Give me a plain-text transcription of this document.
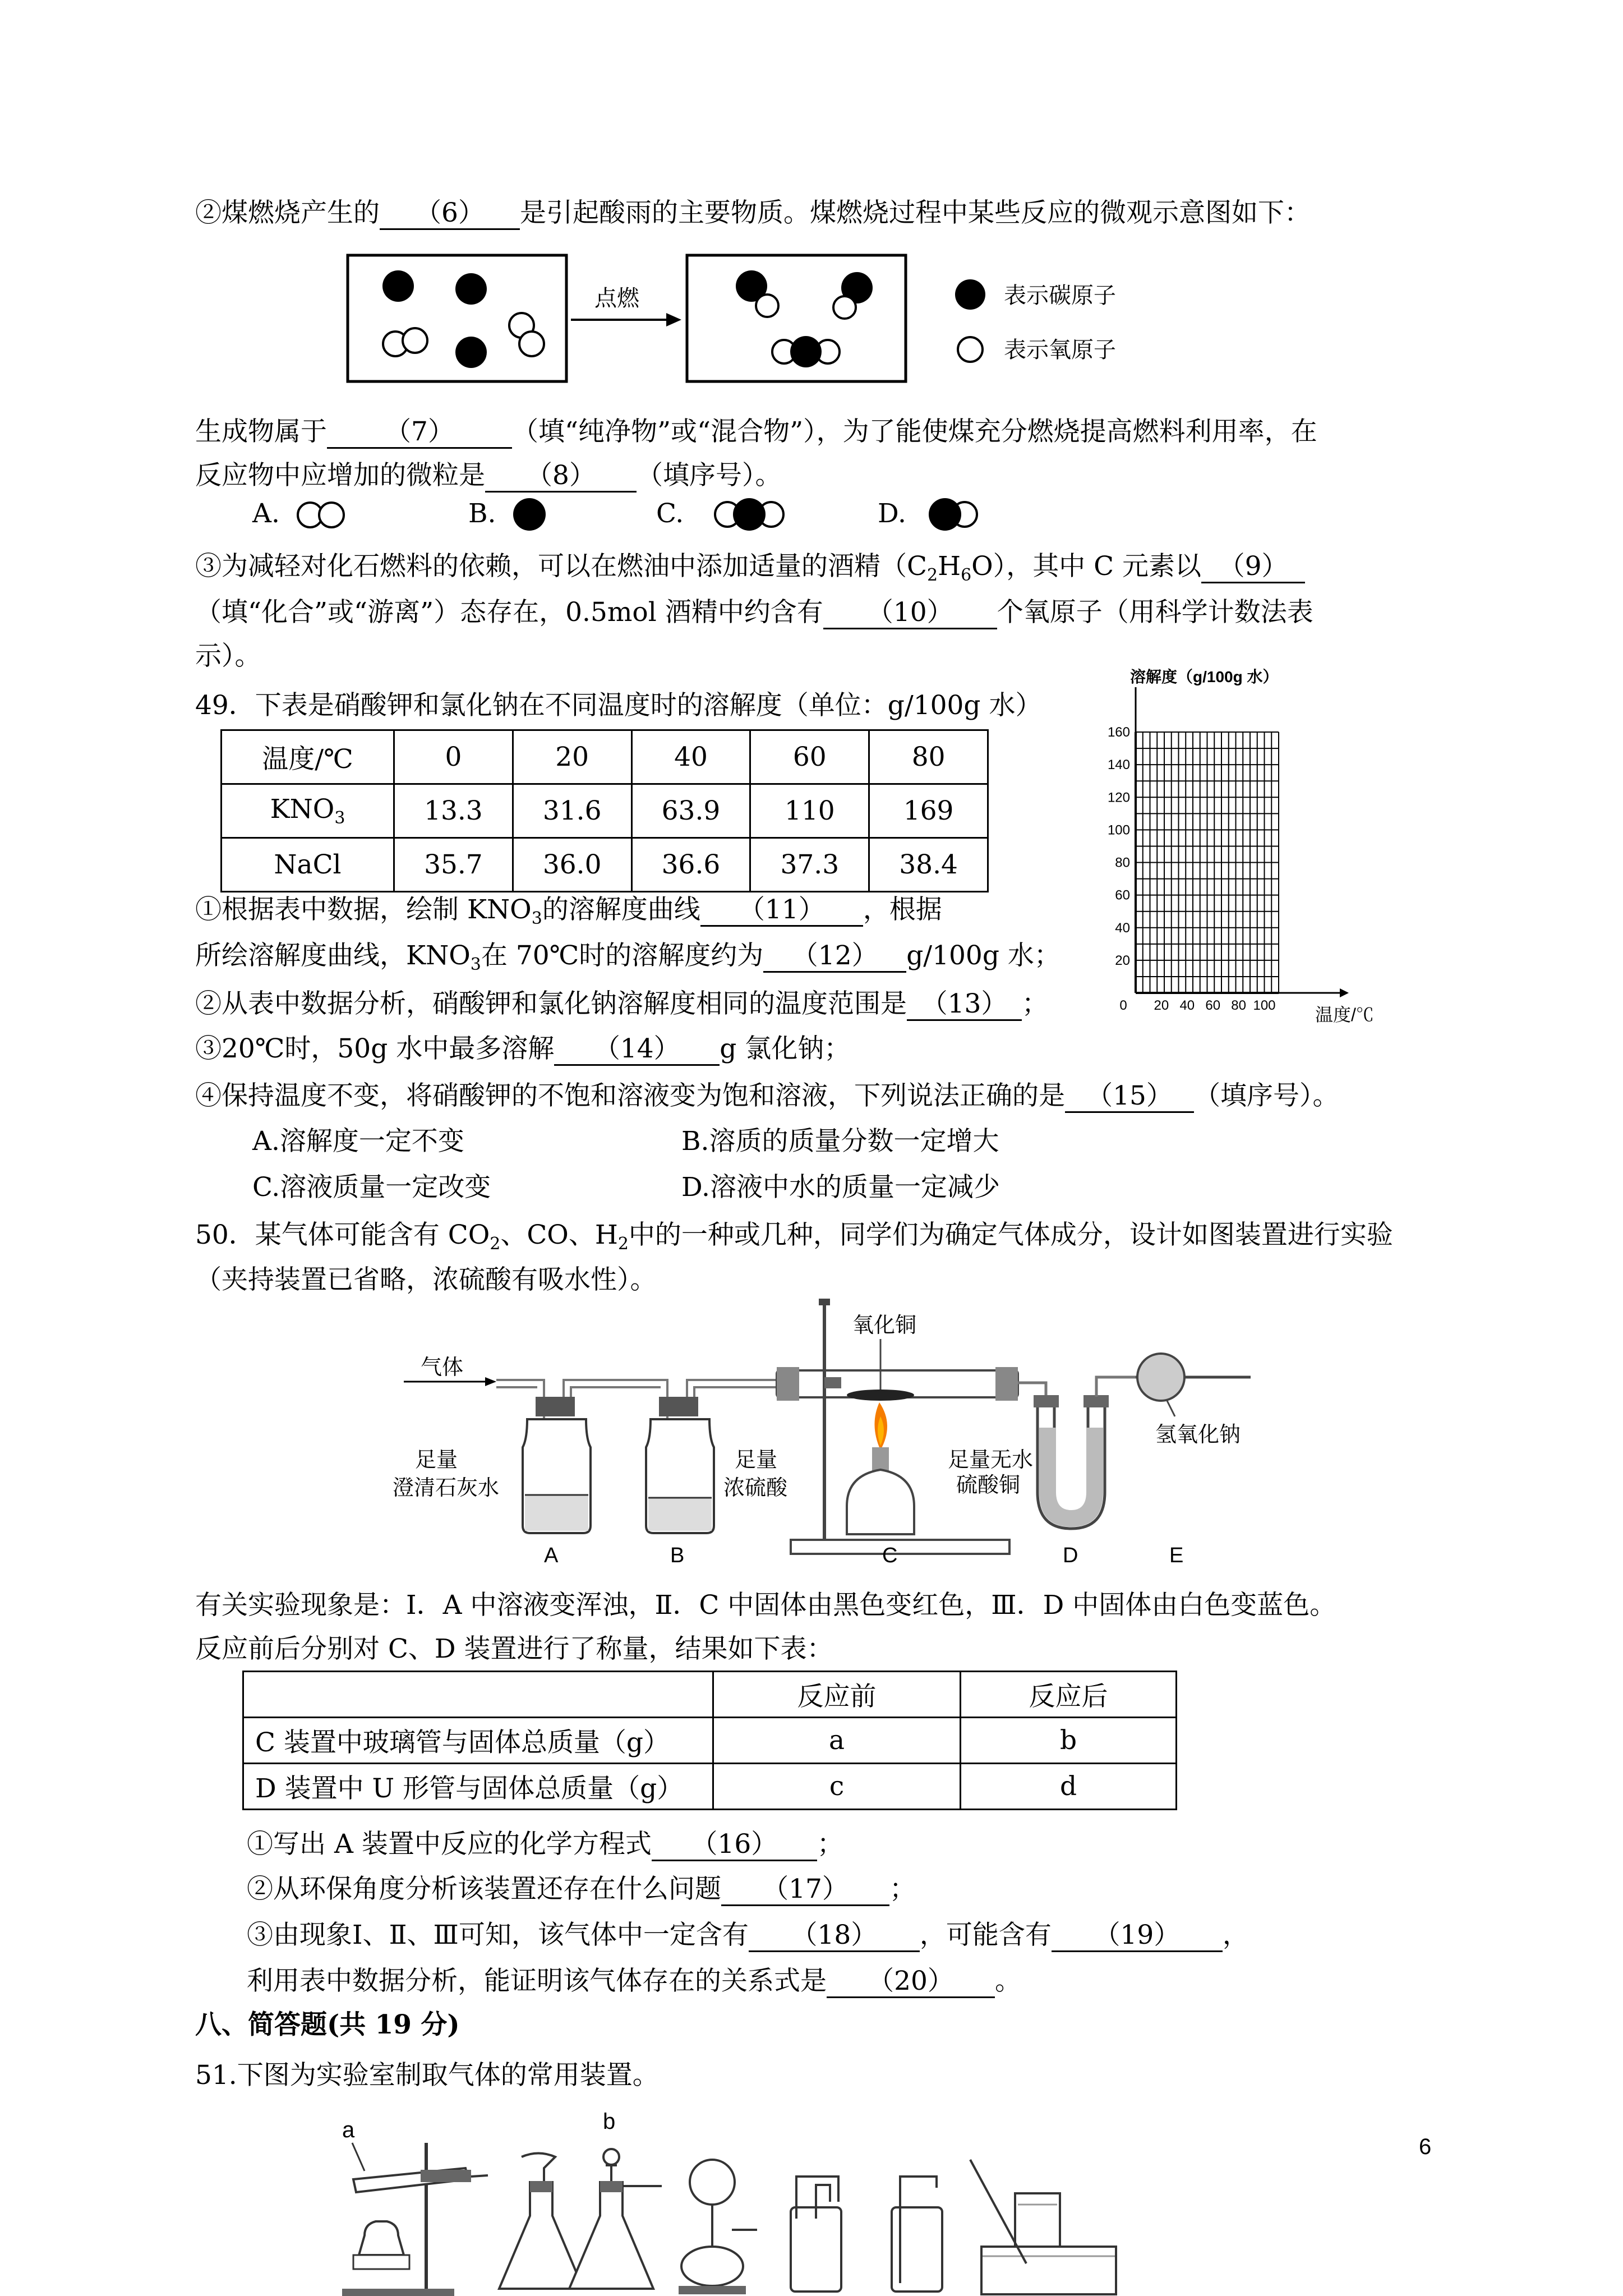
②煤燃烧产生的 （6） 是引起酸雨的主要物质。煤燃烧过程中某些反应的微观示意图如下：
点燃	表示碳原子
表示氧原子
生成物属于 （7） （填“纯净物”或“混合物”），为了能使煤充分燃烧提高燃料利用率，在
反应物中应增加的微粒是 （8） （填序号）。
A.	B.	C.	D.
③为减轻对化石燃料的依赖，可以在燃油中添加适量的酒精$(C_2H_6O)$，其中 C 元素以 （9）
（填“化合”或“游离”）态存在，0.5mol 酒精中约含有 （10） 个氧原子（用科学计数法表
示）。
49．下表是硝酸钾和氯化钠在不同温度时的溶解度（单位：g/100g 水）
温度/℃	0	20	40	60	80
$KNO_3$	13.3	31.6	63.9	110	169
NaCl	35.7	36.0	36.6	37.3	38.4
溶解度（g/100g 水）
温度/℃
160
140
120
100
80
60
40
20
0 20 40 60 80 100
①根据表中数据，绘制 $KNO_3$的溶解度曲线 （11） ，根据
所绘溶解度曲线，$KNO_3$在 70℃时的溶解度约为 （12） g/100g 水；
②从表中数据分析，硝酸钾和氯化钠溶解度相同的温度范围是 （13） ；
③20℃时，50g 水中最多溶解 （14） g 氯化钠；
④保持温度不变，将硝酸钾的不饱和溶液变为饱和溶液，下列说法正确的是 （15） （填序号）。
A.溶解度一定不变	B.溶质的质量分数一定增大
C.溶液质量一定改变	D.溶液中水的质量一定减少
50．某气体可能含有 $CO_2$、CO、$H_2$中的一种或几种，同学们为确定气体成分，设计如图装置进行实验
（夹持装置已省略，浓硫酸有吸水性）。
气体
足量
澄清石灰水
足量
浓硫酸
氧化铜
足量无水
硫酸铜
氢氧化钠
A	B	C	D	E
有关实验现象是：Ⅰ．A 中溶液变浑浊，Ⅱ．C 中固体由黑色变红色，Ⅲ．D 中固体由白色变蓝色。
反应前后分别对 C、D 装置进行了称量，结果如下表：
	反应前	反应后
C 装置中玻璃管与固体总质量（g）	a	b
D 装置中 U 形管与固体总质量（g）	c	d
①写出 A 装置中反应的化学方程式 （16） ；
②从环保角度分析该装置还存在什么问题 （17） ；
③由现象Ⅰ、Ⅱ、Ⅲ可知，该气体中一定含有 （18） ，可能含有 （19） ，
利用表中数据分析，能证明该气体存在的关系式是 （20） 。
八、简答题(共 19 分)
51.下图为实验室制取气体的常用装置。
6
a	b
